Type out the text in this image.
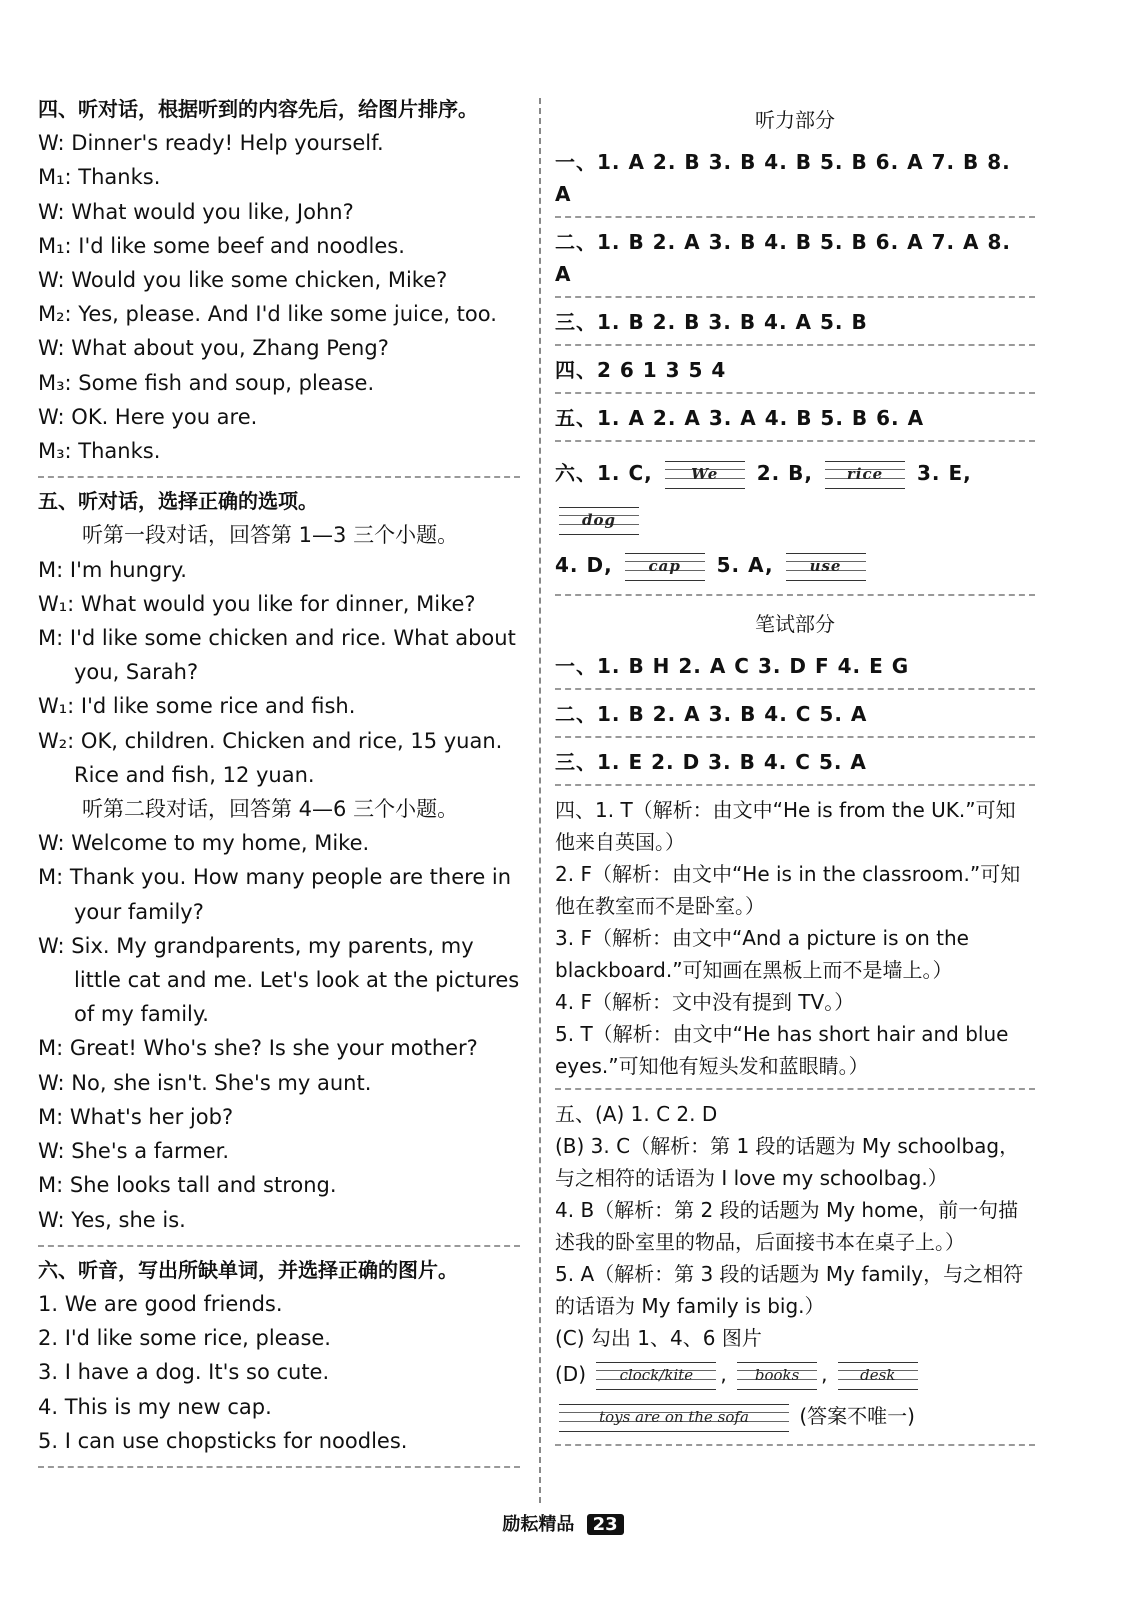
四、听对话，根据听到的内容先后，给图片排序。
W: Dinner's ready! Help yourself.
M₁: Thanks.
W: What would you like, John?
M₁: I'd like some beef and noodles.
W: Would you like some chicken, Mike?
M₂: Yes, please. And I'd like some juice, too.
W: What about you, Zhang Peng?
M₃: Some fish and soup, please.
W: OK. Here you are.
M₃: Thanks.
五、听对话，选择正确的选项。
听第一段对话，回答第 1—3 三个小题。
M: I'm hungry.
W₁: What would you like for dinner, Mike?
M: I'd like some chicken and rice. What about you, Sarah?
W₁: I'd like some rice and fish.
W₂: OK, children. Chicken and rice, 15 yuan. Rice and fish, 12 yuan.
听第二段对话，回答第 4—6 三个小题。
W: Welcome to my home, Mike.
M: Thank you. How many people are there in your family?
W: Six. My grandparents, my parents, my little cat and me. Let's look at the pictures of my family.
M: Great! Who's she? Is she your mother?
W: No, she isn't. She's my aunt.
M: What's her job?
W: She's a farmer.
M: She looks tall and strong.
W: Yes, she is.
六、听音，写出所缺单词，并选择正确的图片。
1. We are good friends.
2. I'd like some rice, please.
3. I have a dog. It's so cute.
4. This is my new cap.
5. I can use chopsticks for noodles.
听力部分
一、1. A 2. B 3. B 4. B 5. B 6. A 7. B 8. A
二、1. B 2. A 3. B 4. B 5. B 6. A 7. A 8. A
三、1. B 2. B 3. B 4. A 5. B
四、2 6 1 3 5 4
五、1. A 2. A 3. A 4. B 5. B 6. A
六、1. C,	We	2. B,	rice	3. E,
dog

4. D,	cap	5. A,	use
笔试部分
一、1. B H 2. A C 3. D F 4. E G
二、1. B 2. A 3. B 4. C 5. A
三、1. E 2. D 3. B 4. C 5. A
四、1. T（解析：由文中“He is from the UK.”可知他来自英国。）
2. F（解析：由文中“He is in the classroom.”可知他在教室而不是卧室。）
3. F（解析：由文中“And a picture is on the blackboard.”可知画在黑板上而不是墙上。）
4. F（解析：文中没有提到 TV。）
5. T（解析：由文中“He has short hair and blue eyes.”可知他有短头发和蓝眼睛。）
五、(A) 1. C 2. D
(B) 3. C（解析：第 1 段的话题为 My schoolbag，与之相符的话语为 I love my schoolbag.）
4. B（解析：第 2 段的话题为 My home，前一句描述我的卧室里的物品，后面接书本在桌子上。）
5. A（解析：第 3 段的话题为 My family，与之相符的话语为 My family is big.）
(C) 勾出 1、4、6 图片
(D)	clock/kite	,	books	,	desk
toys are on the sofa	(答案不唯一)
励耘精品 23
